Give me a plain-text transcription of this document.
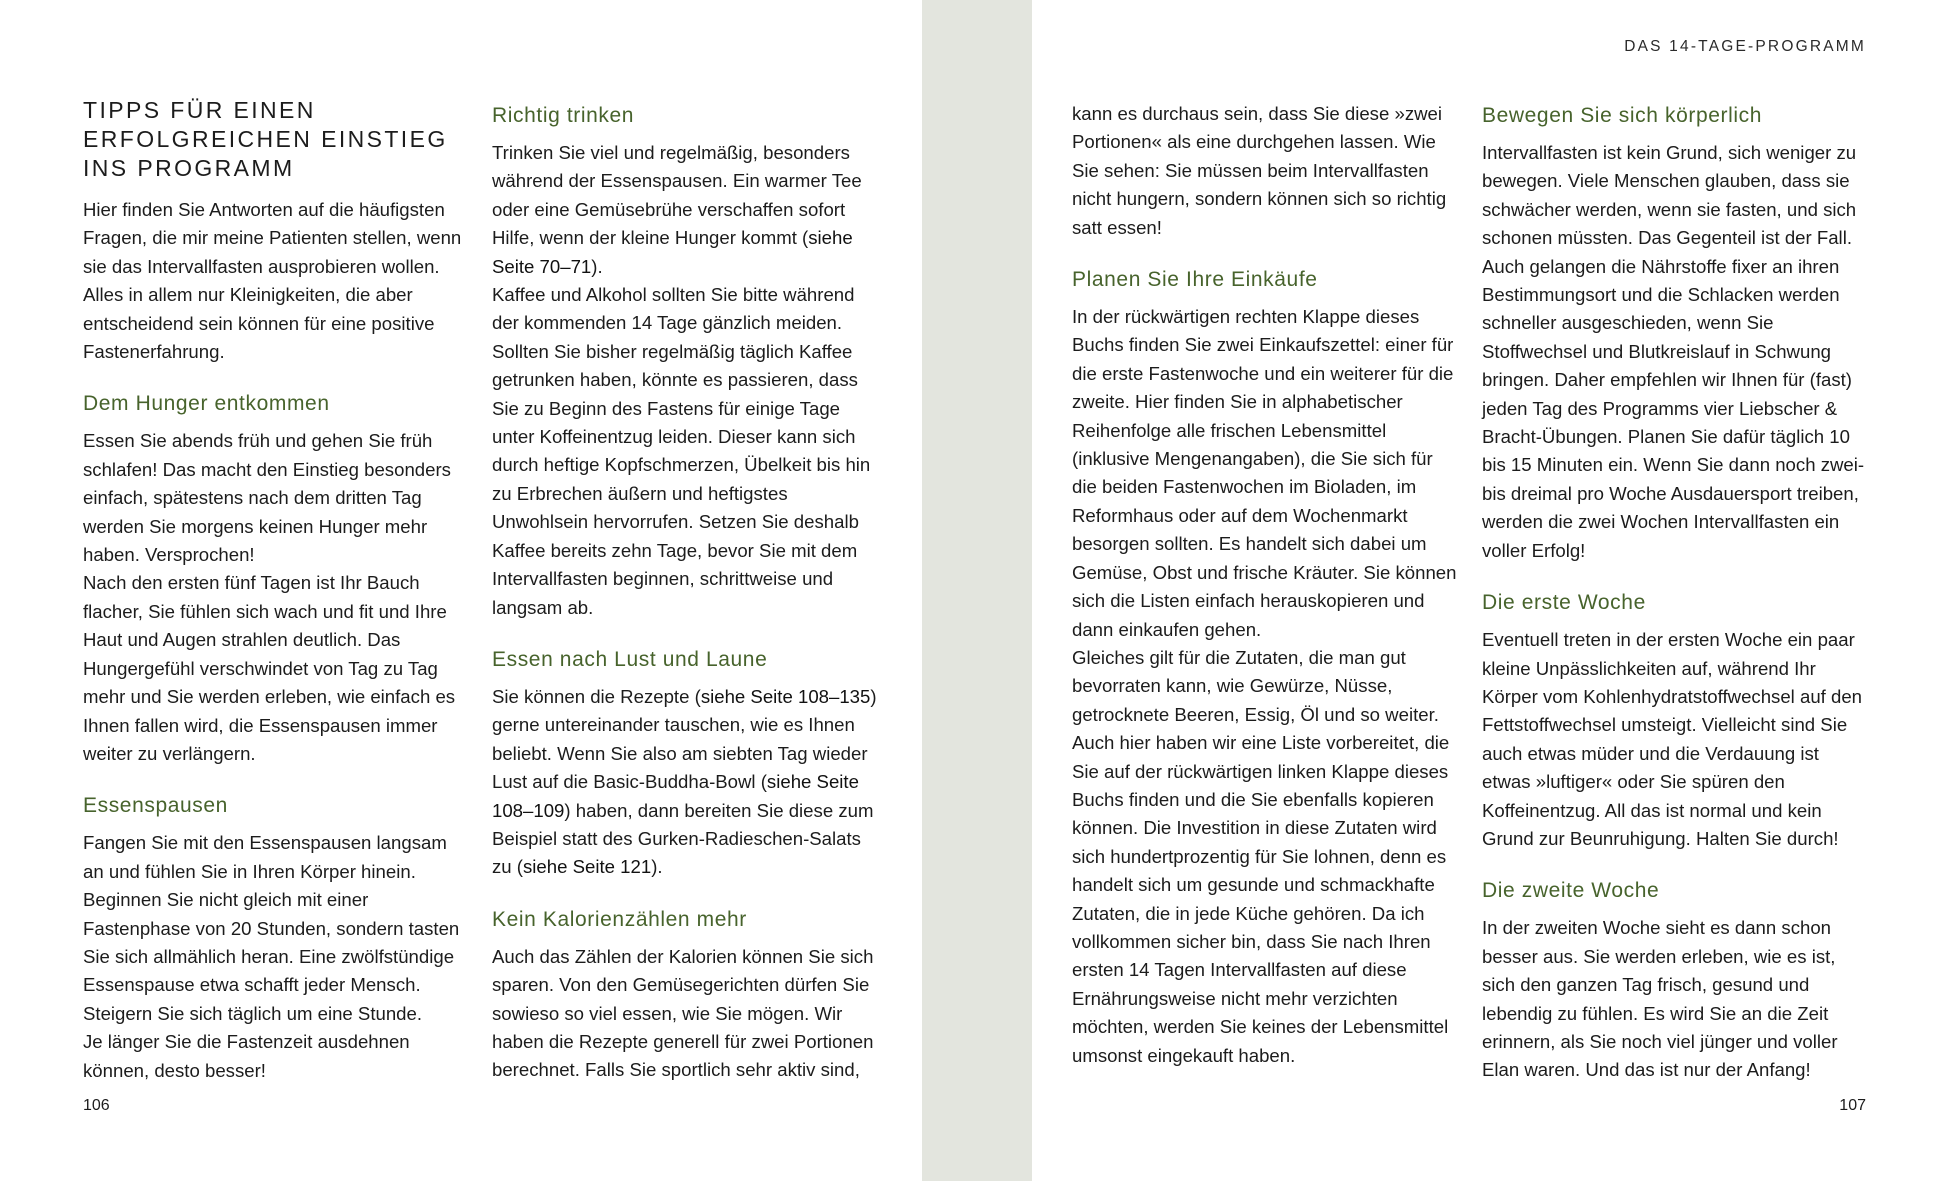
TIPPS FÜR EINEN ERFOLGREICHEN EINSTIEG INS PROGRAMM

Hier finden Sie Antworten auf die häufigsten Fragen, die mir meine Patienten stellen, wenn sie das Intervallfasten ausprobieren wollen. Alles in allem nur Kleinigkeiten, die aber entscheidend sein können für eine positive Fastenerfahrung.

Dem Hunger entkommen

Essen Sie abends früh und gehen Sie früh schlafen! Das macht den Einstieg besonders einfach, spätestens nach dem dritten Tag werden Sie morgens keinen Hunger mehr haben. Versprochen!

Nach den ersten fünf Tagen ist Ihr Bauch flacher, Sie fühlen sich wach und fit und Ihre Haut und Augen strahlen deutlich. Das Hungergefühl verschwindet von Tag zu Tag mehr und Sie werden erleben, wie einfach es Ihnen fallen wird, die Essenspausen immer weiter zu verlängern.

Essenspausen

Fangen Sie mit den Essenspausen langsam an und fühlen Sie in Ihren Körper hinein. Beginnen Sie nicht gleich mit einer Fastenphase von 20 Stunden, sondern tasten Sie sich allmählich heran. Eine zwölfstündige Essenspause etwa schafft jeder Mensch. Steigern Sie sich täglich um eine Stunde.

Je länger Sie die Fastenzeit ausdehnen können, desto besser!

Richtig trinken

Trinken Sie viel und regelmäßig, besonders während der Essenspausen. Ein warmer Tee oder eine Gemüsebrühe verschaffen sofort Hilfe, wenn der kleine Hunger kommt (siehe Seite 70–71).

Kaffee und Alkohol sollten Sie bitte während der kommenden 14 Tage gänzlich meiden. Sollten Sie bisher regelmäßig täglich Kaffee getrunken haben, könnte es passieren, dass Sie zu Beginn des Fastens für einige Tage unter Koffeinentzug leiden. Dieser kann sich durch heftige Kopfschmerzen, Übelkeit bis hin zu Erbrechen äußern und heftigstes Unwohlsein hervorrufen. Setzen Sie deshalb Kaffee bereits zehn Tage, bevor Sie mit dem Intervallfasten beginnen, schrittweise und langsam ab.

Essen nach Lust und Laune

Sie können die Rezepte (siehe Seite 108–135) gerne untereinander tauschen, wie es Ihnen beliebt. Wenn Sie also am siebten Tag wieder Lust auf die Basic-Buddha-Bowl (siehe Seite 108–109) haben, dann bereiten Sie diese zum Beispiel statt des Gurken-Radieschen-Salats zu (siehe Seite 121).

Kein Kalorienzählen mehr

Auch das Zählen der Kalorien können Sie sich sparen. Von den Gemüsegerichten dürfen Sie sowieso so viel essen, wie Sie mögen. Wir haben die Rezepte generell für zwei Portionen berechnet. Falls Sie sportlich sehr aktiv sind,

106
DAS 14-TAGE-PROGRAMM

kann es durchaus sein, dass Sie diese »zwei Portionen« als eine durchgehen lassen. Wie Sie sehen: Sie müssen beim Intervallfasten nicht hungern, sondern können sich so richtig satt essen!

Planen Sie Ihre Einkäufe

In der rückwärtigen rechten Klappe dieses Buchs finden Sie zwei Einkaufszettel: einer für die erste Fastenwoche und ein weiterer für die zweite. Hier finden Sie in alphabetischer Reihenfolge alle frischen Lebensmittel (inklusive Mengenangaben), die Sie sich für die beiden Fastenwochen im Bioladen, im Reformhaus oder auf dem Wochenmarkt besorgen sollten. Es handelt sich dabei um Gemüse, Obst und frische Kräuter. Sie können sich die Listen einfach herauskopieren und dann einkaufen gehen.

Gleiches gilt für die Zutaten, die man gut bevorraten kann, wie Gewürze, Nüsse, getrocknete Beeren, Essig, Öl und so weiter. Auch hier haben wir eine Liste vorbereitet, die Sie auf der rückwärtigen linken Klappe dieses Buchs finden und die Sie ebenfalls kopieren können. Die Investition in diese Zutaten wird sich hundertprozentig für Sie lohnen, denn es handelt sich um gesunde und schmackhafte Zutaten, die in jede Küche gehören. Da ich vollkommen sicher bin, dass Sie nach Ihren ersten 14 Tagen Intervallfasten auf diese Ernährungsweise nicht mehr verzichten möchten, werden Sie keines der Lebensmittel umsonst eingekauft haben.

Bewegen Sie sich körperlich

Intervallfasten ist kein Grund, sich weniger zu bewegen. Viele Menschen glauben, dass sie schwächer werden, wenn sie fasten, und sich schonen müssten. Das Gegenteil ist der Fall. Auch gelangen die Nährstoffe fixer an ihren Bestimmungsort und die Schlacken werden schneller ausgeschieden, wenn Sie Stoffwechsel und Blutkreislauf in Schwung bringen. Daher empfehlen wir Ihnen für (fast) jeden Tag des Programms vier Liebscher & Bracht-Übungen. Planen Sie dafür täglich 10 bis 15 Minuten ein. Wenn Sie dann noch zwei- bis dreimal pro Woche Ausdauersport treiben, werden die zwei Wochen Intervallfasten ein voller Erfolg!

Die erste Woche

Eventuell treten in der ersten Woche ein paar kleine Unpässlichkeiten auf, während Ihr Körper vom Kohlenhydratstoffwechsel auf den Fettstoffwechsel umsteigt. Vielleicht sind Sie auch etwas müder und die Verdauung ist etwas »luftiger« oder Sie spüren den Koffeinentzug. All das ist normal und kein Grund zur Beunruhigung. Halten Sie durch!

Die zweite Woche

In der zweiten Woche sieht es dann schon besser aus. Sie werden erleben, wie es ist, sich den ganzen Tag frisch, gesund und lebendig zu fühlen. Es wird Sie an die Zeit erinnern, als Sie noch viel jünger und voller Elan waren. Und das ist nur der Anfang!

107
